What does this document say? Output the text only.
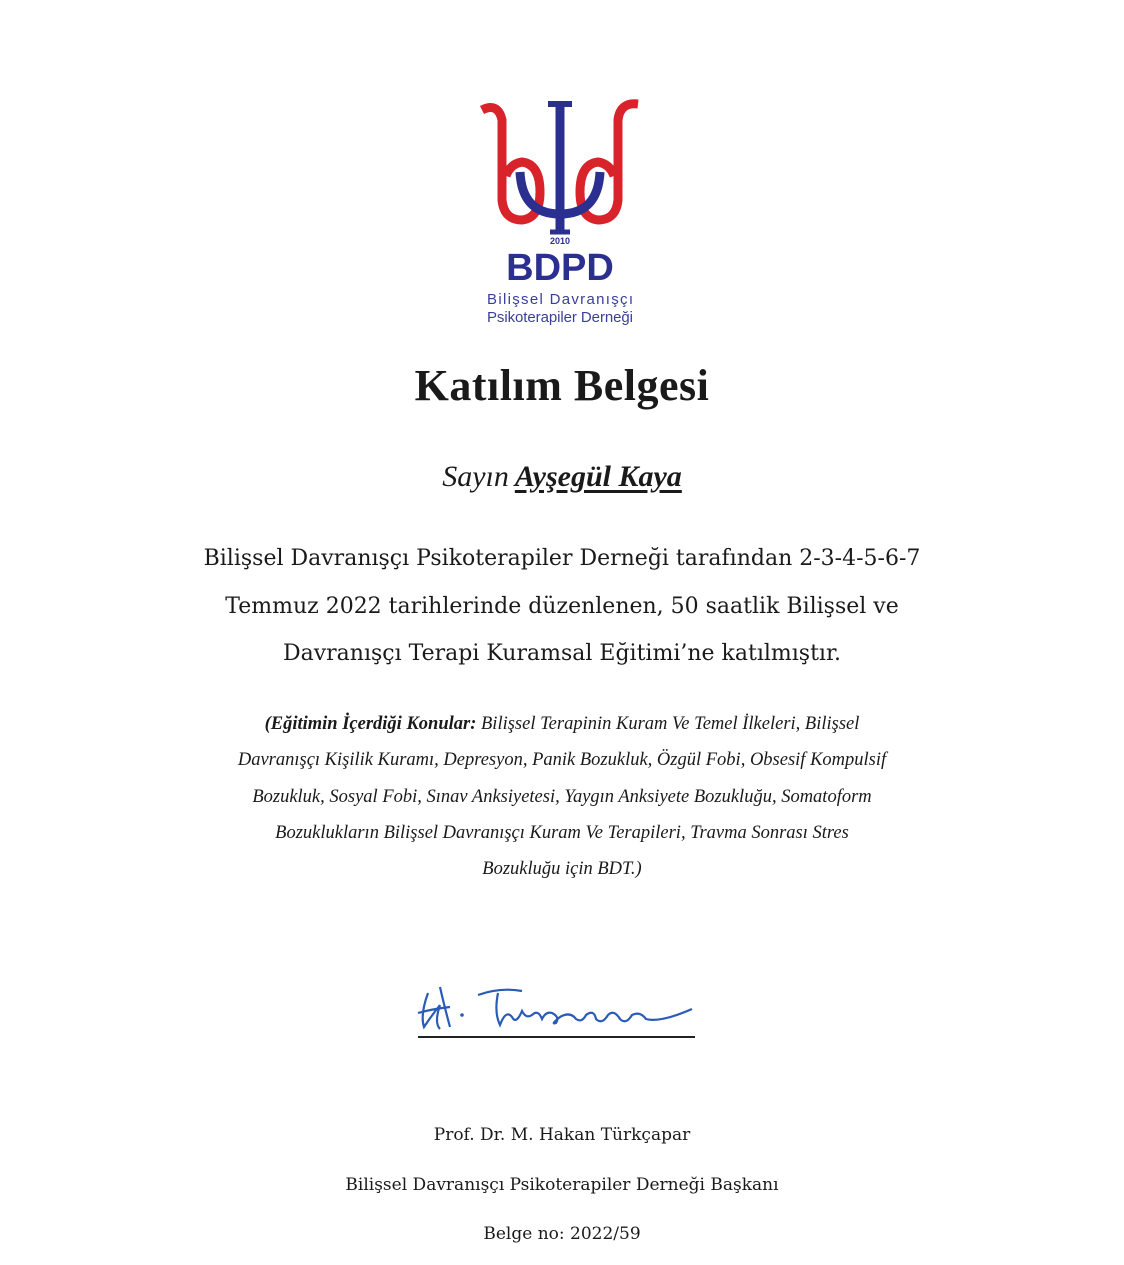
2010
BDPD
Bilişsel Davranışçı
Psikoterapiler Derneği
Katılım Belgesi
Sayın Ayşegül Kaya
Bilişsel Davranışçı Psikoterapiler Derneği tarafından 2-3-4-5-6-7
Temmuz 2022 tarihlerinde düzenlenen, 50 saatlik Bilişsel ve
Davranışçı Terapi Kuramsal Eğitimi’ne katılmıştır.
(Eğitimin İçerdiği Konular: Bilişsel Terapinin Kuram Ve Temel İlkeleri, Bilişsel
Davranışçı Kişilik Kuramı, Depresyon, Panik Bozukluk, Özgül Fobi, Obsesif Kompulsif
Bozukluk, Sosyal Fobi, Sınav Anksiyetesi, Yaygın Anksiyete Bozukluğu, Somatoform
Bozuklukların Bilişsel Davranışçı Kuram Ve Terapileri, Travma Sonrası Stres
Bozukluğu için BDT.)
Prof. Dr. M. Hakan Türkçapar
Bilişsel Davranışçı Psikoterapiler Derneği Başkanı
Belge no: 2022/59
